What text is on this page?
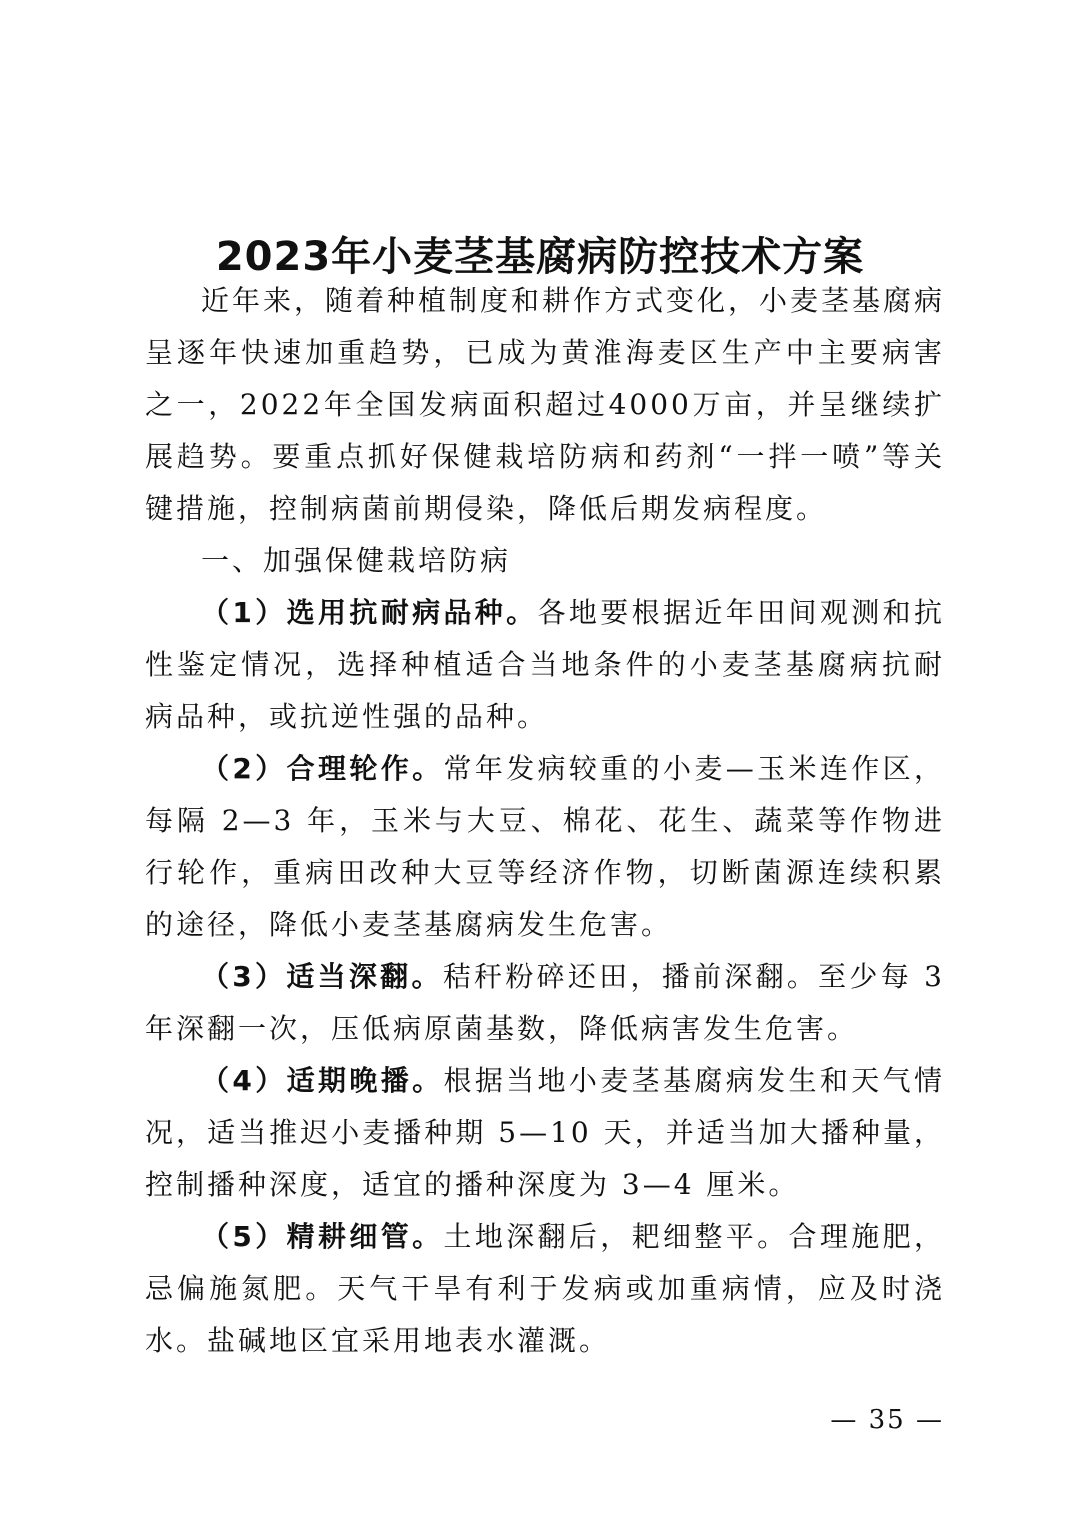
2023年小麦茎基腐病防控技术方案

近年来，随着种植制度和耕作方式变化，小麦茎基腐病呈逐年快速加重趋势，已成为黄淮海麦区生产中主要病害之一，2022年全国发病面积超过4000万亩，并呈继续扩展趋势。要重点抓好保健栽培防病和药剂“一拌一喷”等关键措施，控制病菌前期侵染，降低后期发病程度。

一、加强保健栽培防病

（1）选用抗耐病品种。各地要根据近年田间观测和抗性鉴定情况，选择种植适合当地条件的小麦茎基腐病抗耐病品种，或抗逆性强的品种。

（2）合理轮作。常年发病较重的小麦—玉米连作区，每隔 2—3 年，玉米与大豆、棉花、花生、蔬菜等作物进行轮作，重病田改种大豆等经济作物，切断菌源连续积累的途径，降低小麦茎基腐病发生危害。

（3）适当深翻。秸秆粉碎还田，播前深翻。至少每 3 年深翻一次，压低病原菌基数，降低病害发生危害。

（4）适期晚播。根据当地小麦茎基腐病发生和天气情况，适当推迟小麦播种期 5—10 天，并适当加大播种量，控制播种深度，适宜的播种深度为 3—4 厘米。

（5）精耕细管。土地深翻后，耙细整平。合理施肥，忌偏施氮肥。天气干旱有利于发病或加重病情，应及时浇水。盐碱地区宜采用地表水灌溉。

— 35 —
